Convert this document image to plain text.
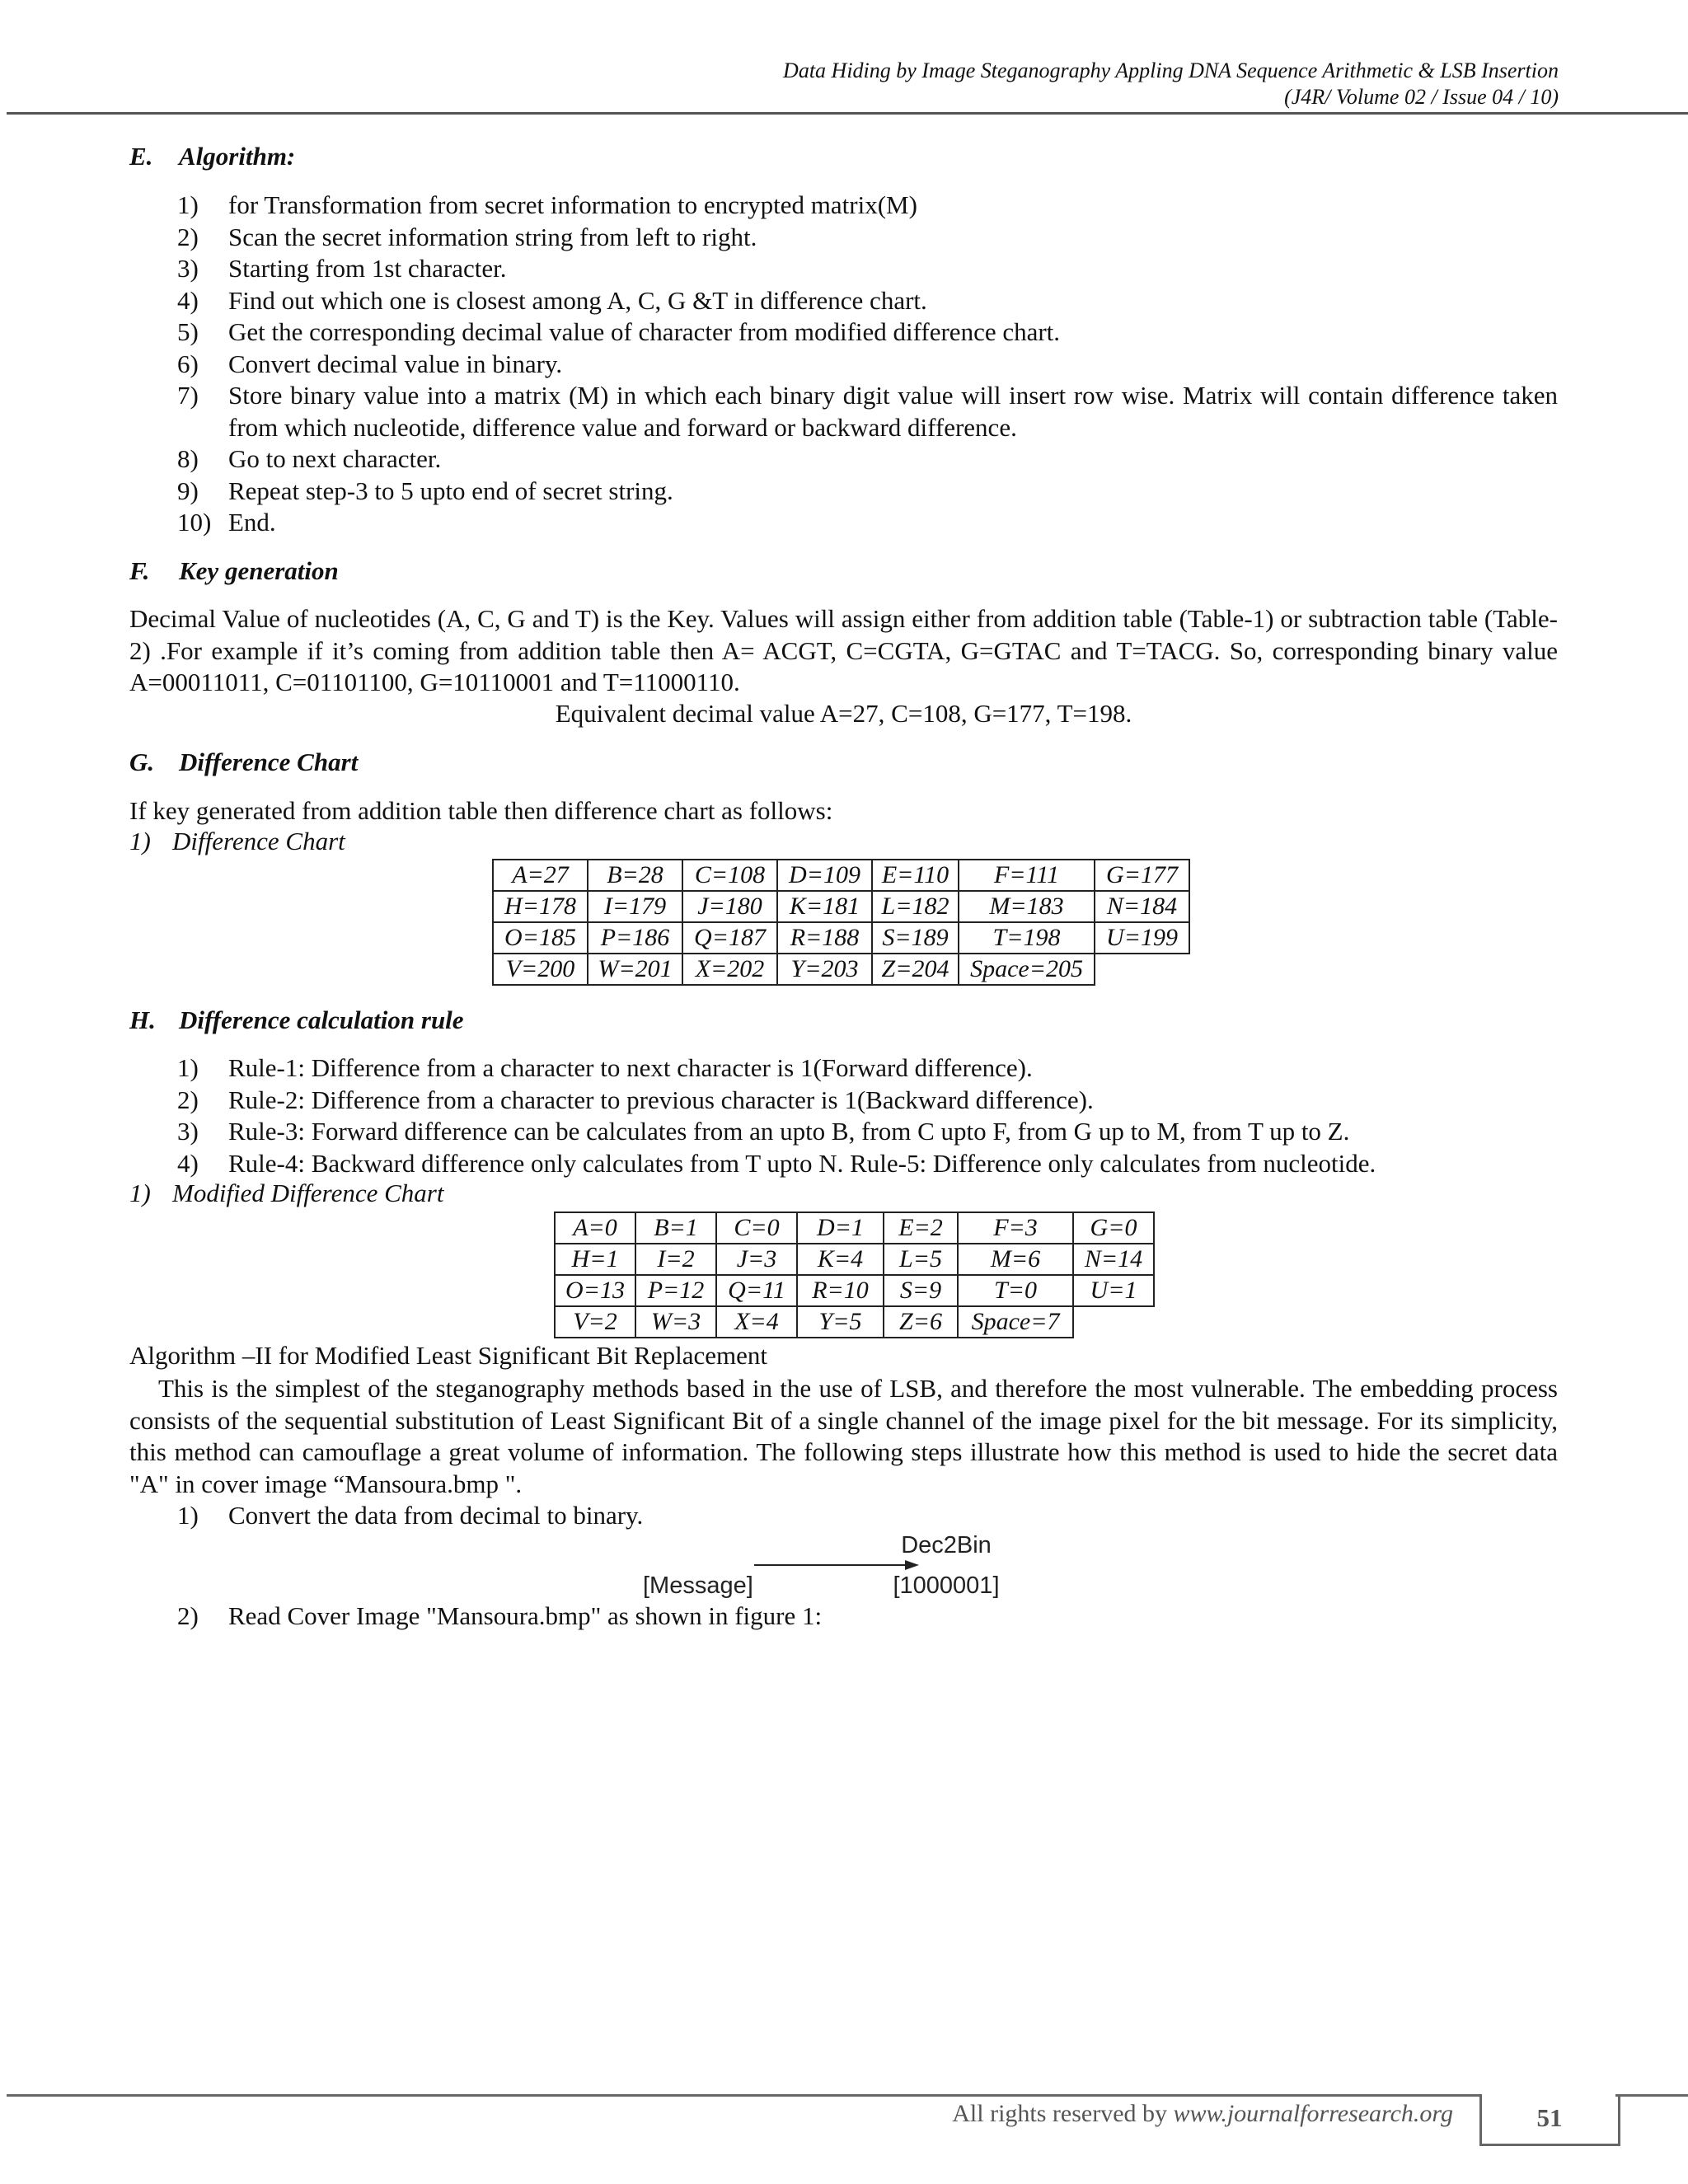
Data Hiding by Image Steganography Appling DNA Sequence Arithmetic & LSB Insertion
(J4R/ Volume 02 / Issue 04 / 10)
E. Algorithm:
1) for Transformation from secret information to encrypted matrix(M)
2) Scan the secret information string from left to right.
3) Starting from 1st character.
4) Find out which one is closest among A, C, G &T in difference chart.
5) Get the corresponding decimal value of character from modified difference chart.
6) Convert decimal value in binary.
7) Store binary value into a matrix (M) in which each binary digit value will insert row wise. Matrix will contain difference taken from which nucleotide, difference value and forward or backward difference.
8) Go to next character.
9) Repeat step-3 to 5 upto end of secret string.
10) End.
F. Key generation
Decimal Value of nucleotides (A, C, G and T) is the Key. Values will assign either from addition table (Table-1) or subtraction table (Table-2) .For example if it’s coming from addition table then A= ACGT, C=CGTA, G=GTAC and T=TACG. So, corresponding binary value A=00011011, C=01101100, G=10110001 and T=11000110.
Equivalent decimal value A=27, C=108, G=177, T=198.
G. Difference Chart
If key generated from addition table then difference chart as follows:
1) Difference Chart
A=27	B=28	C=108	D=109	E=110	F=111	G=177
H=178	I=179	J=180	K=181	L=182	M=183	N=184
O=185	P=186	Q=187	R=188	S=189	T=198	U=199
V=200	W=201	X=202	Y=203	Z=204	Space=205	
H. Difference calculation rule
1) Rule-1: Difference from a character to next character is 1(Forward difference).
2) Rule-2: Difference from a character to previous character is 1(Backward difference).
3) Rule-3: Forward difference can be calculates from an upto B, from C upto F, from G up to M, from T up to Z.
4) Rule-4: Backward difference only calculates from T upto N. Rule-5: Difference only calculates from nucleotide.
1) Modified Difference Chart
A=0	B=1	C=0	D=1	E=2	F=3	G=0
H=1	I=2	J=3	K=4	L=5	M=6	N=14
O=13	P=12	Q=11	R=10	S=9	T=0	U=1
V=2	W=3	X=4	Y=5	Z=6	Space=7	
Algorithm –II for Modified Least Significant Bit Replacement
This is the simplest of the steganography methods based in the use of LSB, and therefore the most vulnerable. The embedding process consists of the sequential substitution of Least Significant Bit of a single channel of the image pixel for the bit message. For its simplicity, this method can camouflage a great volume of information. The following steps illustrate how this method is used to hide the secret data "A" in cover image “Mansoura.bmp ".
1) Convert the data from decimal to binary.
Dec2Bin
[Message]	[1000001]
2) Read Cover Image "Mansoura.bmp" as shown in figure 1:
All rights reserved by www.journalforresearch.org	51
